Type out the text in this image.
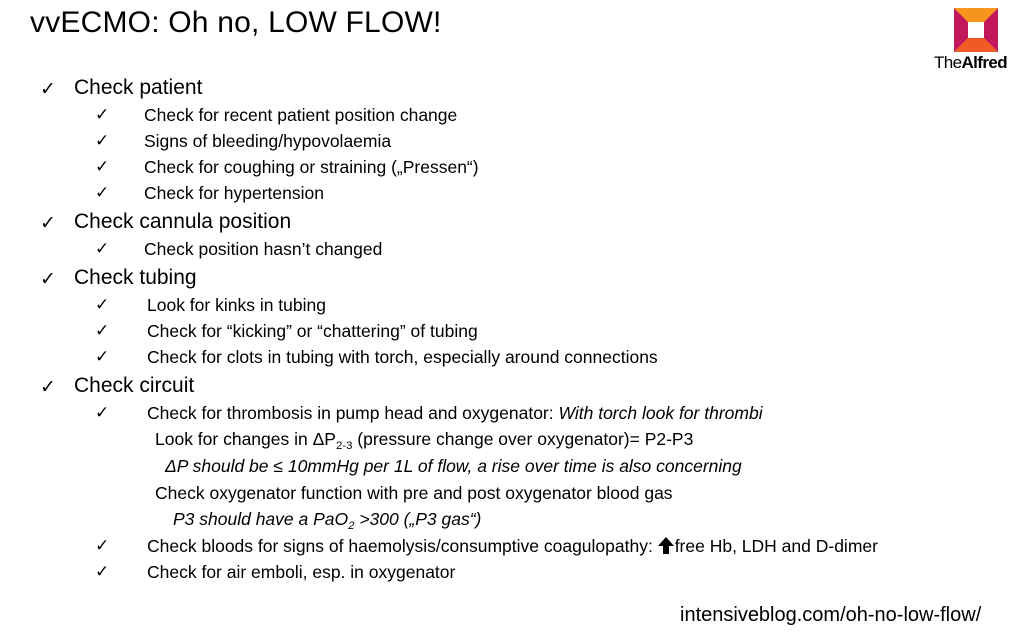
vvECMO: Oh no, LOW FLOW!
TheAlfred
✓ Check patient
✓ Check for recent patient position change
✓ Signs of bleeding/hypovolaemia
✓ Check for coughing or straining („Pressen“)
✓ Check for hypertension
✓ Check cannula position
✓ Check position hasn’t changed
✓ Check tubing
✓ Look for kinks in tubing
✓ Check for “kicking” or “chattering” of tubing
✓ Check for clots in tubing with torch, especially around connections
✓ Check circuit
✓ Check for thrombosis in pump head and oxygenator: With torch look for thrombi
Look for changes in $\Delta P_{2-3}$ (pressure change over oxygenator)= P2-P3
ΔP should be ≤ 10mmHg per 1L of flow, a rise over time is also concerning
Check oxygenator function with pre and post oxygenator blood gas
P3 should have a PaO$_2$ >300 („P3 gas“)
✓ Check bloods for signs of haemolysis/consumptive coagulopathy: free Hb, LDH and D-dimer
✓ Check for air emboli, esp. in oxygenator
intensiveblog.com/oh-no-low-flow/
